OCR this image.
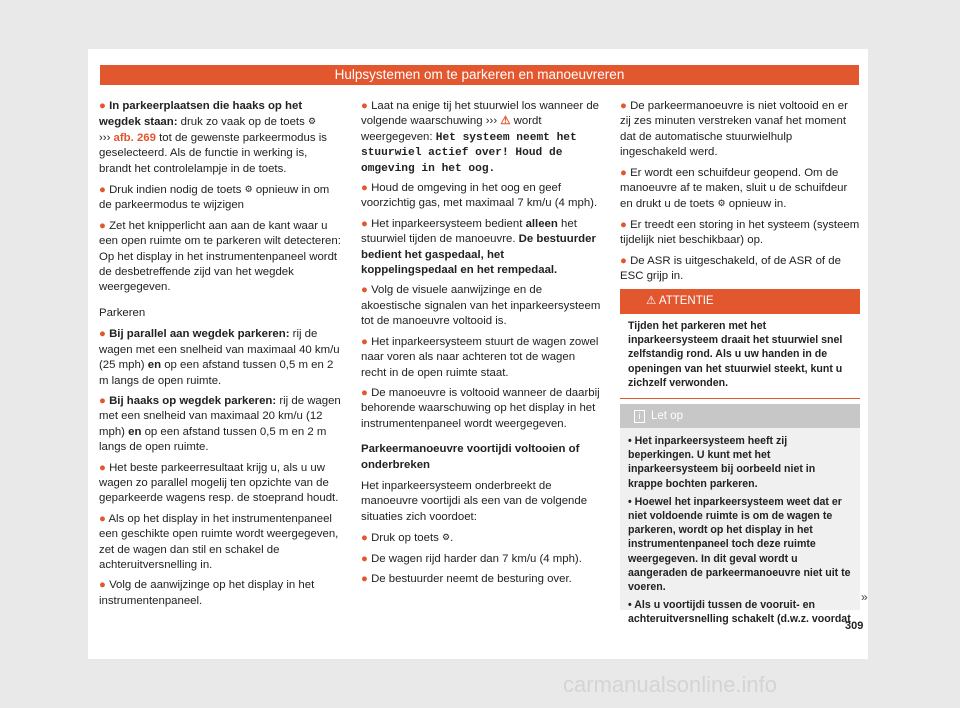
Hulpsystemen om te parkeren en manoeuvreren

● In parkeerplaatsen die haaks op het wegdek staan: druk zo vaak op de toets ⚙
››› afb. 269 tot de gewenste parkeermodus is geselecteerd. Als de functie in werking is, brandt het controlelampje in de toets.

● Druk indien nodig de toets ⚙ opnieuw in om de parkeermodus te wijzigen

● Zet het knipperlicht aan aan de kant waar u een open ruimte om te parkeren wilt detecteren: Op het display in het instrumentenpaneel wordt de desbetreffende zijd van het wegdek weergegeven.

Parkeren

● Bij parallel aan wegdek parkeren: rij de wagen met een snelheid van maximaal 40 km/u (25 mph) en op een afstand tussen 0,5 m en 2 m langs de open ruimte.

● Bij haaks op wegdek parkeren: rij de wagen met een snelheid van maximaal 20 km/u (12 mph) en op een afstand tussen 0,5 m en 2 m langs de open ruimte.

● Het beste parkeerresultaat krijg u, als u uw wagen zo parallel mogelij ten opzichte van de geparkeerde wagens resp. de stoeprand houdt.

● Als op het display in het instrumentenpaneel een geschikte open ruimte wordt weergegeven, zet de wagen dan stil en schakel de achteruitversnelling in.

● Volg de aanwijzinge op het display in het instrumentenpaneel.

● Laat na enige tij het stuurwiel los wanneer de volgende waarschuwing ››› ⚠ wordt weergegeven: Het systeem neemt het stuurwiel actief over! Houd de omgeving in het oog.

● Houd de omgeving in het oog en geef voorzichtig gas, met maximaal 7 km/u (4 mph).

● Het inparkeersysteem bedient alleen het stuurwiel tijden de manoeuvre. De bestuurder bedient het gaspedaal, het koppelingspedaal en het rempedaal.

● Volg de visuele aanwijzinge en de akoestische signalen van het inparkeersysteem tot de manoeuvre voltooid is.

● Het inparkeersysteem stuurt de wagen zowel naar voren als naar achteren tot de wagen recht in de open ruimte staat.

● De manoeuvre is voltooid wanneer de daarbij behorende waarschuwing op het display in het instrumentenpaneel wordt weergegeven.

Parkeermanoeuvre voortijdi voltooien of onderbreken

Het inparkeersysteem onderbreekt de manoeuvre voortijdi als een van de volgende situaties zich voordoet:

● Druk op toets ⚙.

● De wagen rijd harder dan 7 km/u (4 mph).

● De bestuurder neemt de besturing over.

● De parkeermanoeuvre is niet voltooid en er zij zes minuten verstreken vanaf het moment dat de automatische stuurwielhulp ingeschakeld werd.

● Er wordt een schuifdeur geopend. Om de manoeuvre af te maken, sluit u de schuifdeur en drukt u de toets ⚙ opnieuw in.

● Er treedt een storing in het systeem (systeem tijdelijk niet beschikbaar) op.

● De ASR is uitgeschakeld, of de ASR of de ESC grijp in.

⚠ ATTENTIE
Tijden het parkeren met het inparkeersysteem draait het stuurwiel snel zelfstandig rond. Als u uw handen in de openingen van het stuurwiel steekt, kunt u zichzelf verwonden.
i Let op

• Het inparkeersysteem heeft zij beperkingen. U kunt met het inparkeersysteem bij oorbeeld niet in krappe bochten parkeren.

• Hoewel het inparkeersysteem weet dat er niet voldoende ruimte is om de wagen te parkeren, wordt op het display in het instrumentenpaneel toch deze ruimte weergegeven. In dit geval wordt u aangeraden de parkeermanoeuvre niet uit te voeren.

• Als u voortijdi tussen de vooruit- en achteruitversnelling schakelt (d.w.z. voordat

»
309
carmanualsonline.info
